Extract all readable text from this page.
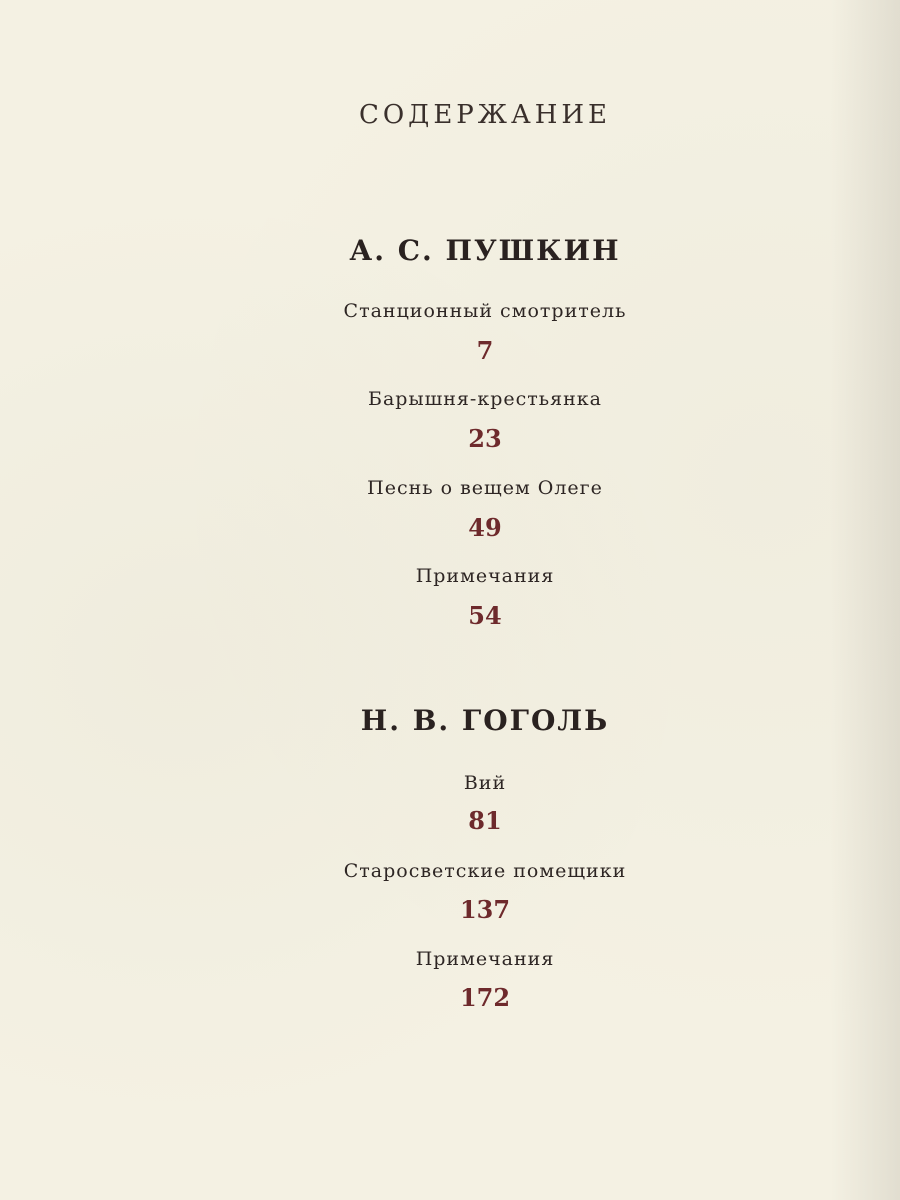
СОДЕРЖАНИЕ
А. С. ПУШКИН
Станционный смотритель
7
Барышня-крестьянка
23
Песнь о вещем Олеге
49
Примечания
54
Н. В. ГОГОЛЬ
Вий
81
Старосветские помещики
137
Примечания
172
